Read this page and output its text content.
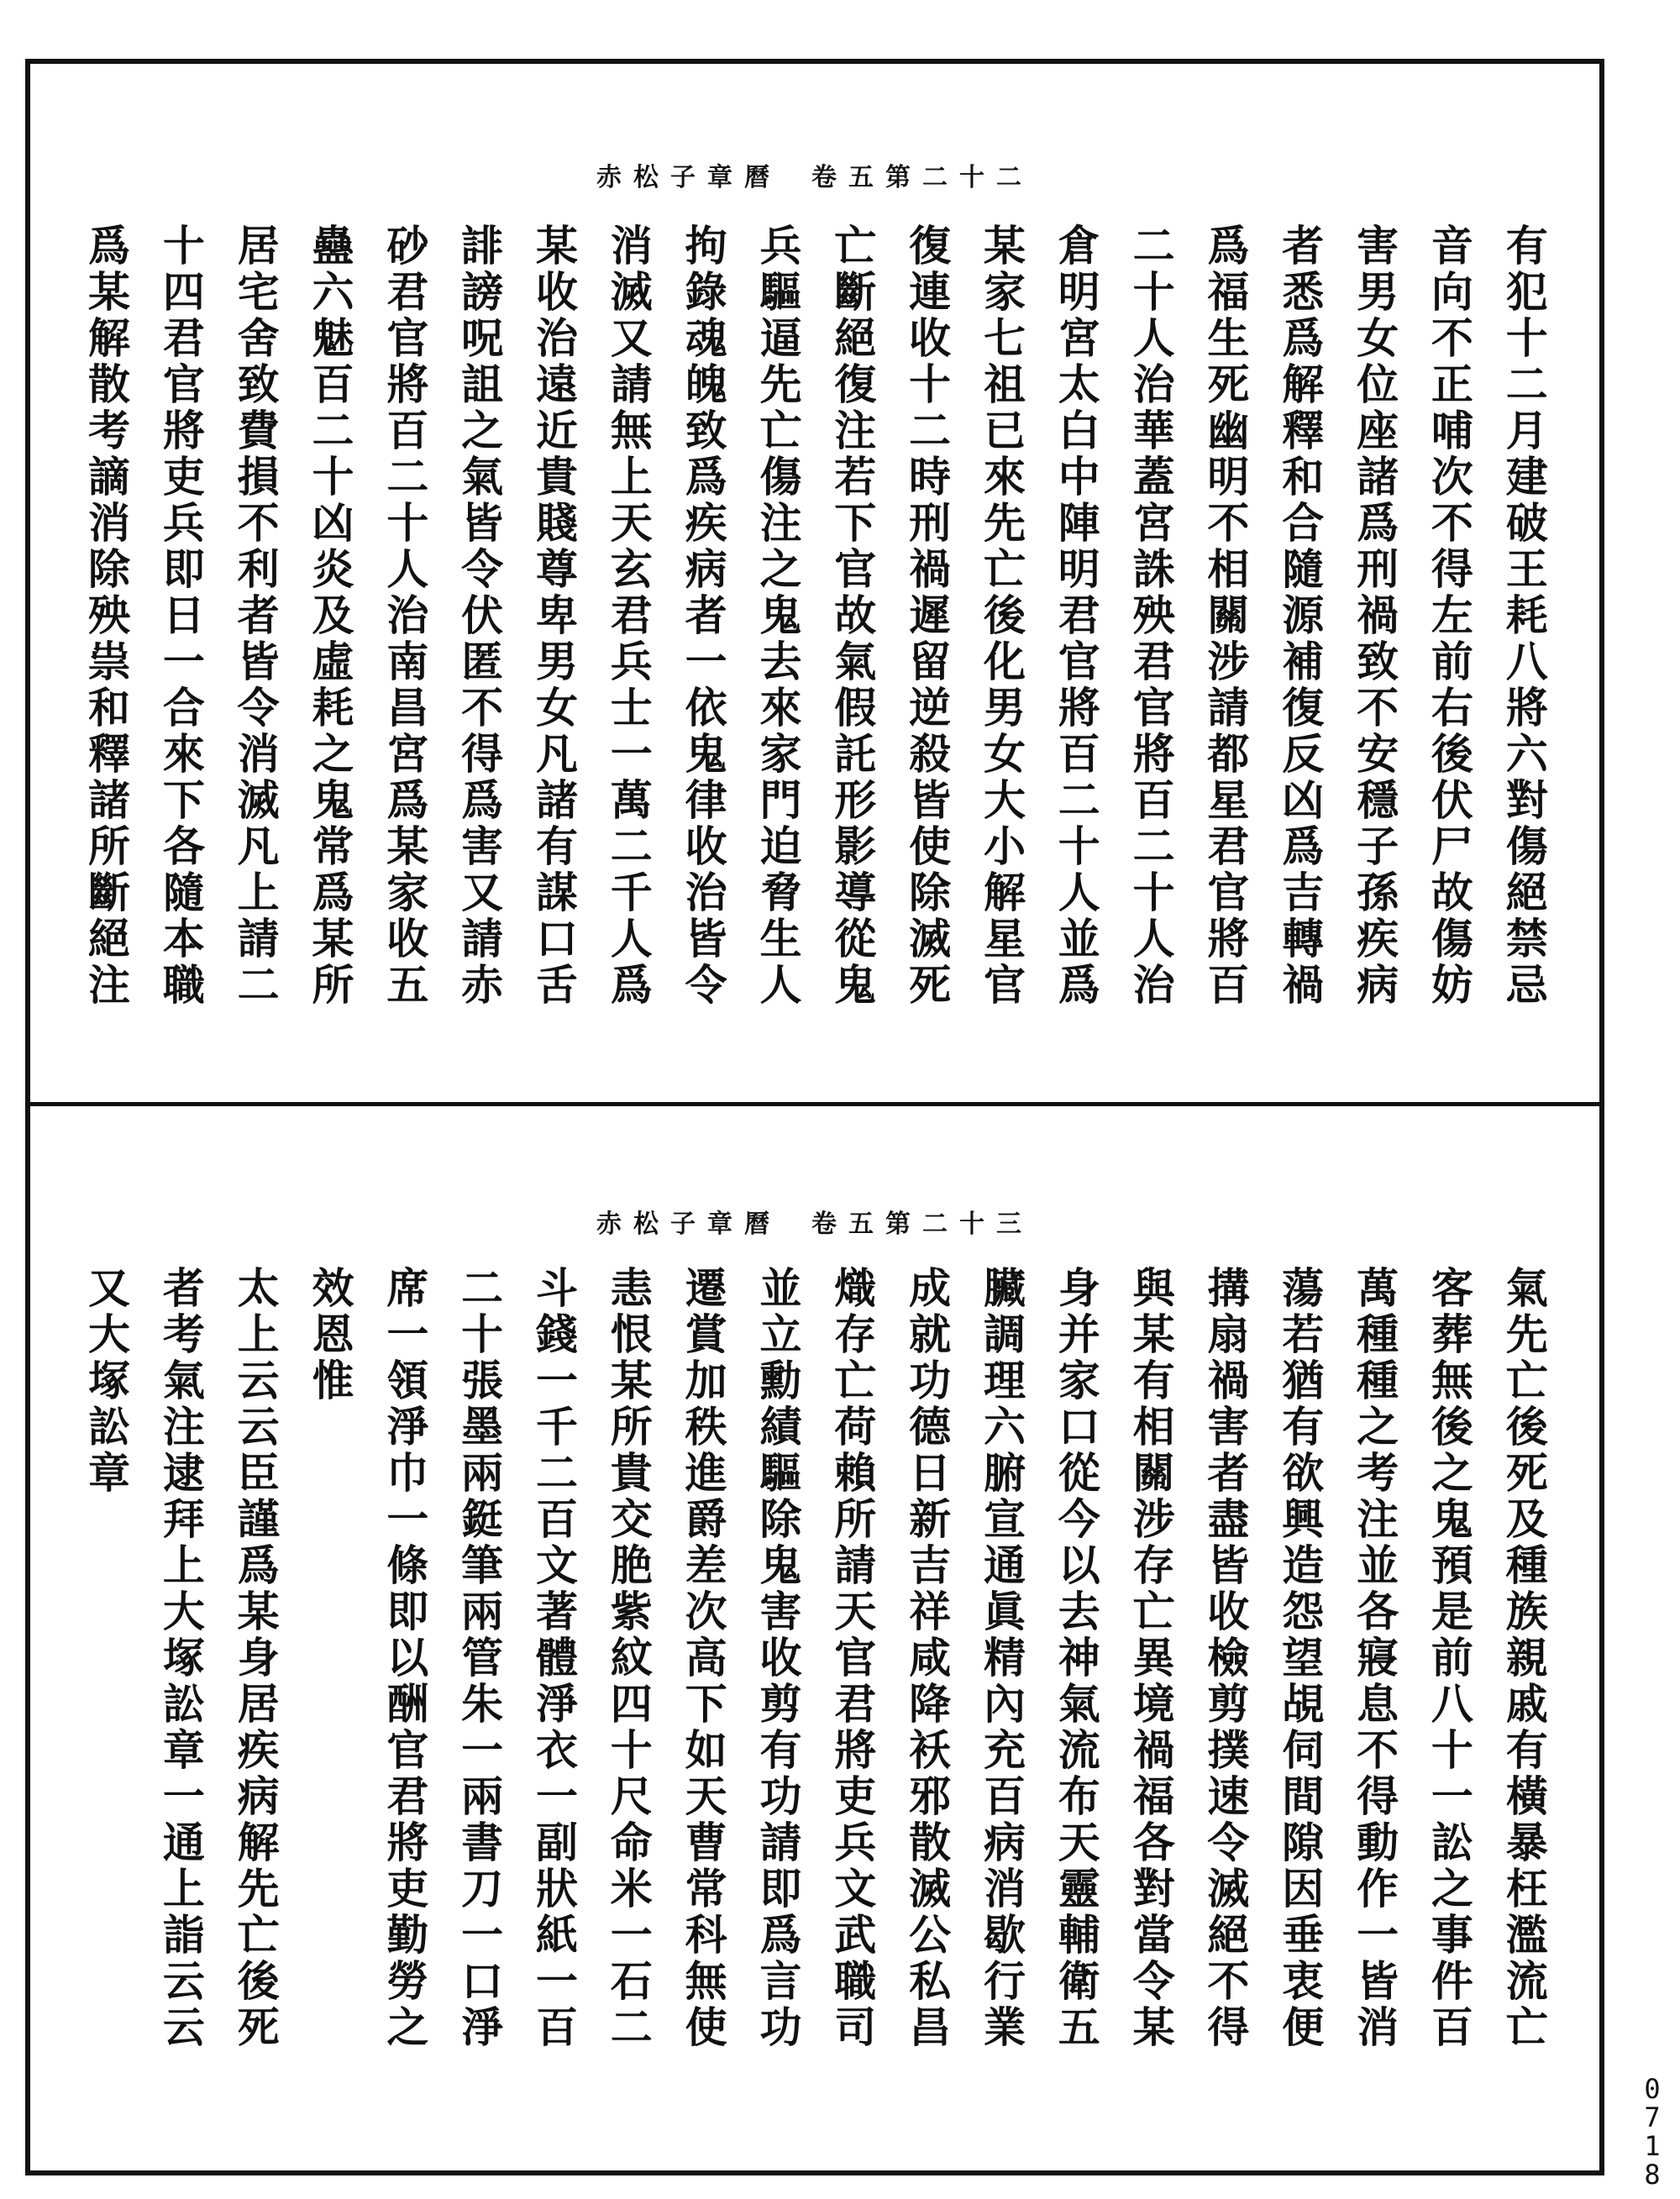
赤松子章曆 卷五第二十二
有犯十二月建破王耗八將六對傷絕禁忌
音向不正哺次不得左前右後伏尸故傷妨
害男女位座諸爲刑禍致不安穩子孫疾病
者悉爲解釋和合隨源補復反凶爲吉轉禍
爲福生死幽明不相關涉請都星君官將百
二十人治華蓋宮誅殃君官將百二十人治
倉明宮太白中陣明君官將百二十人並爲
某家七祖已來先亡後化男女大小解星官
復連收十二時刑禍遲留逆殺皆使除滅死
亡斷絕復注若下官故氣假託形影導從鬼
兵驅逼先亡傷注之鬼去來家門迫脅生人
拘錄魂魄致爲疾病者一依鬼律收治皆令
消滅又請無上天玄君兵士一萬二千人爲
某收治遠近貴賤尊卑男女凡諸有謀口舌
誹謗呪詛之氣皆令伏匿不得爲害又請赤
砂君官將百二十人治南昌宮爲某家收五
蠱六魅百二十凶炎及虛耗之鬼常爲某所
居宅舍致費損不利者皆令消滅凡上請二
十四君官將吏兵即日一合來下各隨本職
爲某解散考謫消除殃祟和釋諸所斷絕注
赤松子章曆 卷五第二十三
氣先亡後死及種族親戚有橫暴枉濫流亡
客葬無後之鬼預是前八十一訟之事件百
萬種種之考注並各寢息不得動作一皆消
蕩若猶有欲興造怨望覘伺間隙因垂衷便
搆扇禍害者盡皆收檢剪撲速令滅絕不得
與某有相關涉存亡異境禍福各對當令某
身并家口從今以去神氣流布天靈輔衛五
臟調理六腑宣通眞精內充百病消歇行業
成就功德日新吉祥咸降袄邪散滅公私昌
熾存亡荷賴所請天官君將吏兵文武職司
並立勳績驅除鬼害收剪有功請即爲言功
遷賞加秩進爵差次高下如天曹常科無使
恚恨某所貴交脃紫紋四十尺命米一石二
斗錢一千二百文著體淨衣一副狀紙一百
二十張墨兩鋌筆兩管朱一兩書刀一口淨
席一領淨巾一條即以酬官君將吏勤勞之
效恩惟
太上云云臣謹爲某身居疾病解先亡後死
者考氣注逮拜上大塚訟章一通上詣云云
又大塚訟章
0718
